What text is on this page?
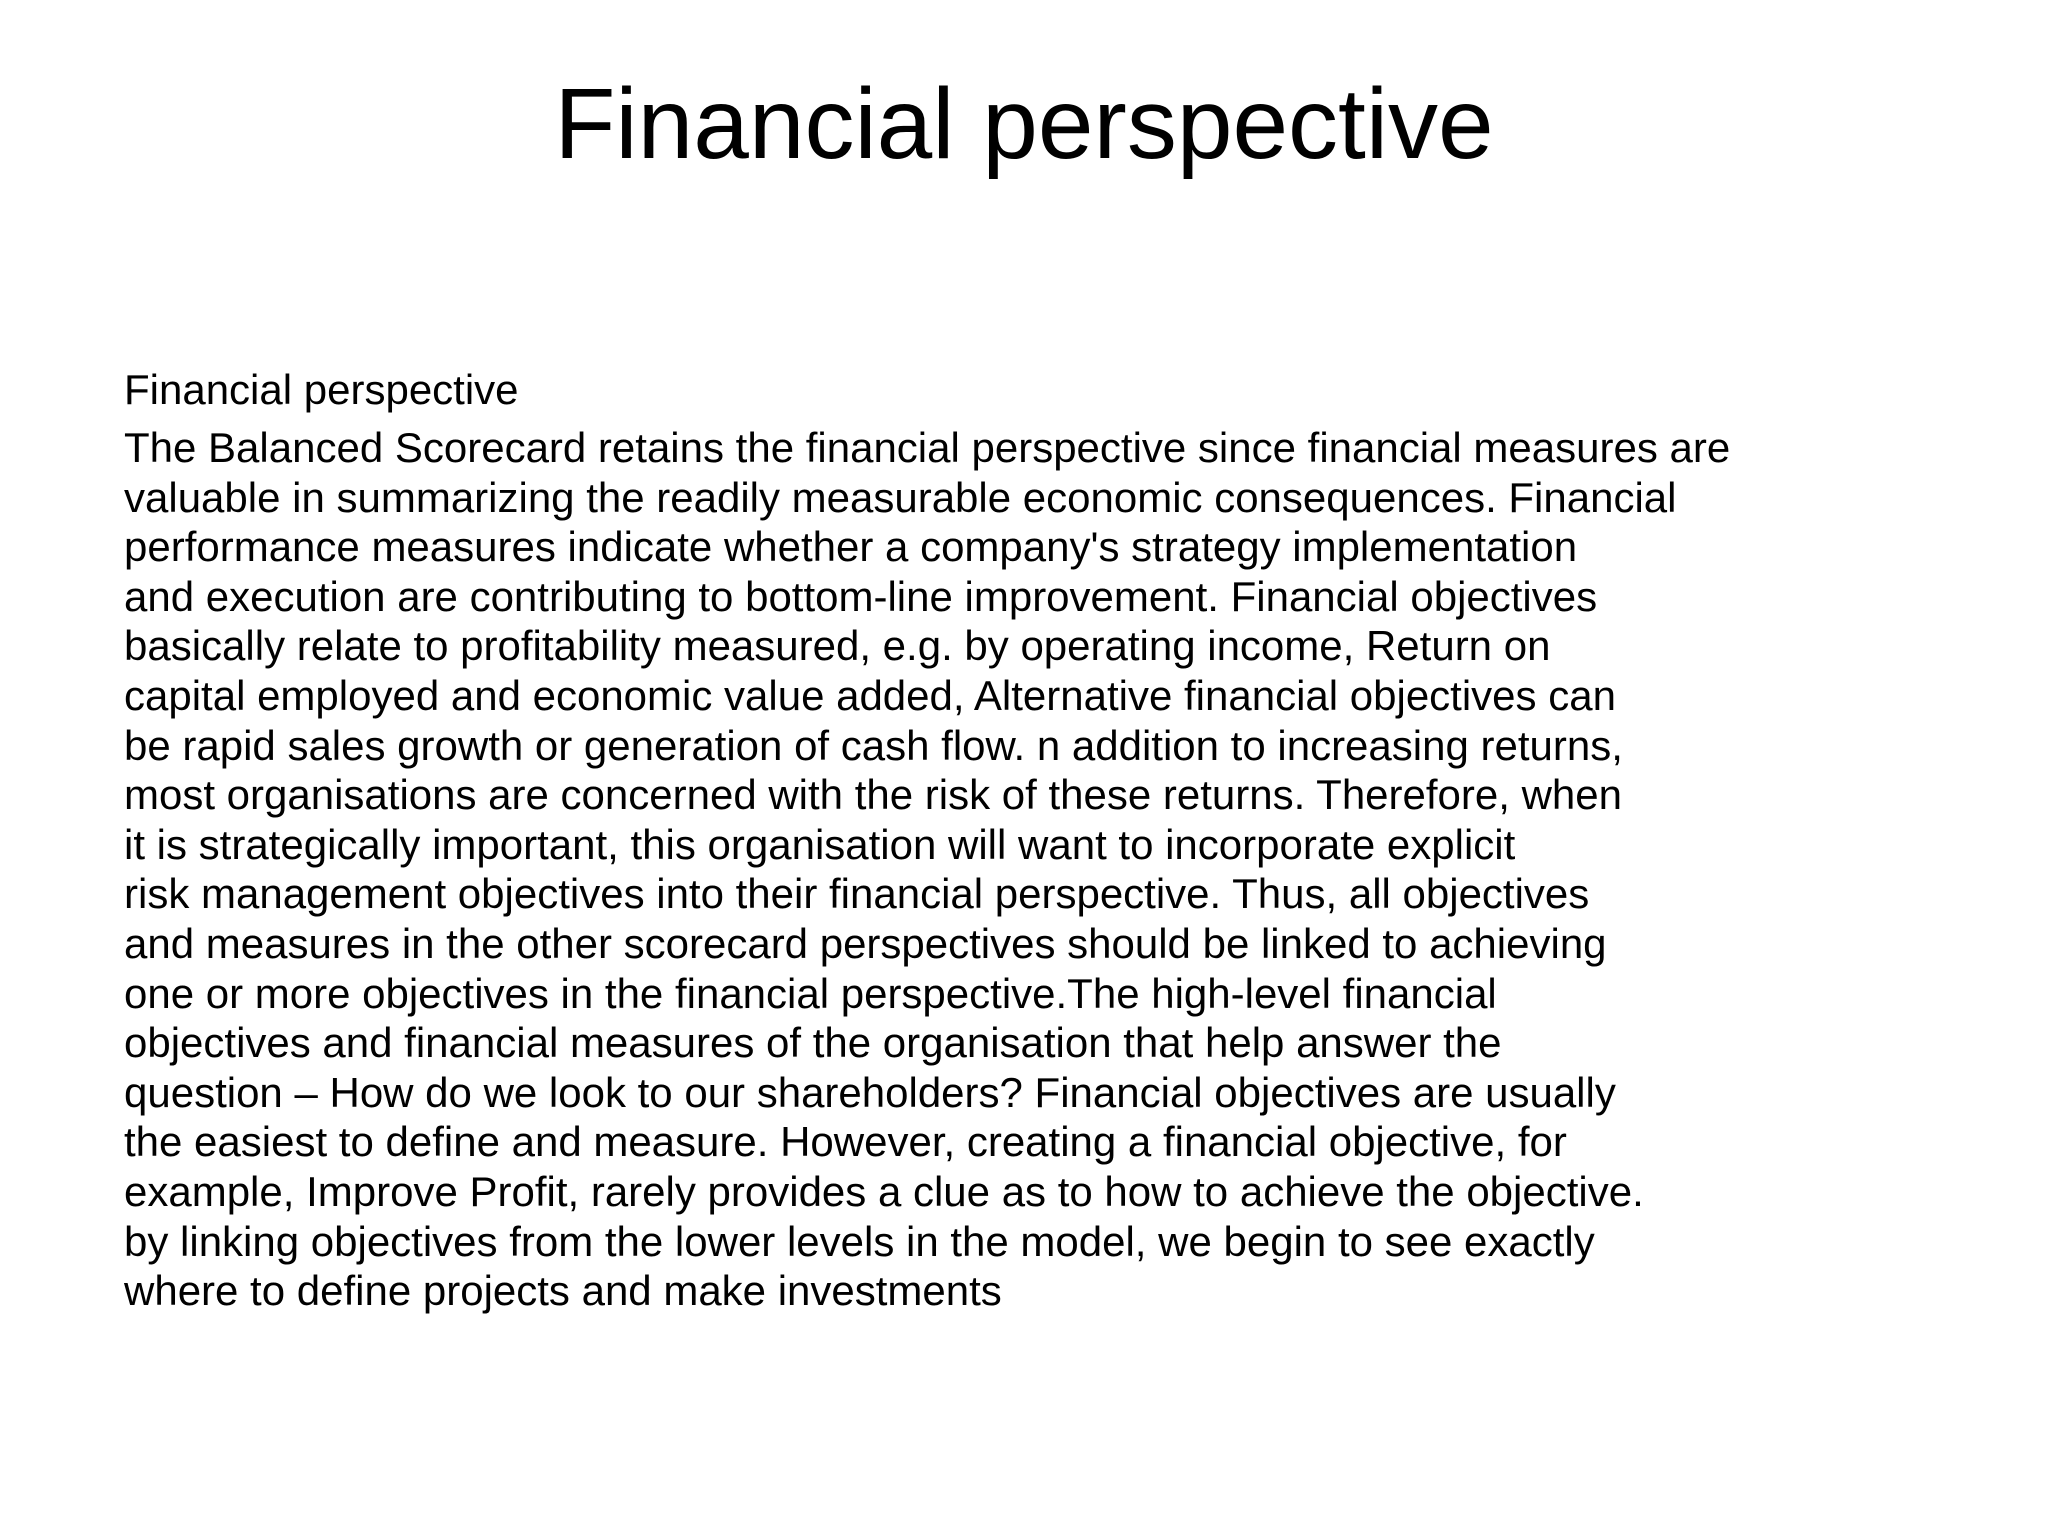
Financial perspective

Financial perspective

The Balanced Scorecard retains the financial perspective since financial measures are
valuable in summarizing the readily measurable economic consequences. Financial
performance measures indicate whether a company's strategy implementation
and execution are contributing to bottom-line improvement. Financial objectives
basically relate to profitability measured, e.g. by operating income, Return on
capital employed and economic value added, Alternative financial objectives can
be rapid sales growth or generation of cash flow. n addition to increasing returns,
most organisations are concerned with the risk of these returns. Therefore, when
it is strategically important, this organisation will want to incorporate explicit
risk management objectives into their financial perspective. Thus, all objectives
and measures in the other scorecard perspectives should be linked to achieving
one or more objectives in the financial perspective.The high-level financial
objectives and financial measures of the organisation that help answer the
question – How do we look to our shareholders? Financial objectives are usually
the easiest to define and measure. However, creating a financial objective, for
example, Improve Profit, rarely provides a clue as to how to achieve the objective.
by linking objectives from the lower levels in the model, we begin to see exactly
where to define projects and make investments
